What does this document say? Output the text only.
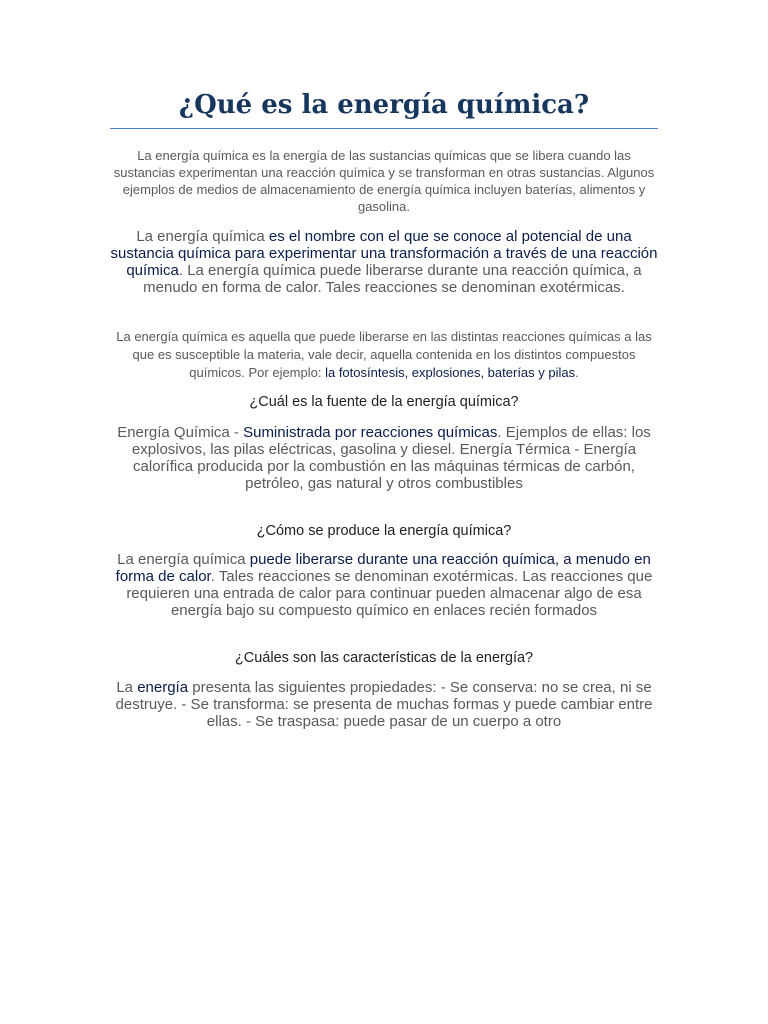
¿Qué es la energía química?

La energía química es la energía de las sustancias químicas que se libera cuando las sustancias experimentan una reacción química y se transforman en otras sustancias. Algunos ejemplos de medios de almacenamiento de energía química incluyen baterías, alimentos y gasolina.

La energía química es el nombre con el que se conoce al potencial de una sustancia química para experimentar una transformación a través de una reacción química. La energía química puede liberarse durante una reacción química, a menudo en forma de calor. Tales reacciones se denominan exotérmicas.

La energía química es aquella que puede liberarse en las distintas reacciones químicas a las que es susceptible la materia, vale decir, aquella contenida en los distintos compuestos químicos. Por ejemplo: la fotosíntesis, explosiones, baterías y pilas.

¿Cuál es la fuente de la energía química?

Energía Química - Suministrada por reacciones químicas. Ejemplos de ellas: los explosivos, las pilas eléctricas, gasolina y diesel. Energía Térmica - Energía calorífica producida por la combustión en las máquinas térmicas de carbón, petróleo, gas natural y otros combustibles

¿Cómo se produce la energía química?

La energía química puede liberarse durante una reacción química, a menudo en forma de calor. Tales reacciones se denominan exotérmicas. Las reacciones que requieren una entrada de calor para continuar pueden almacenar algo de esa energía bajo su compuesto químico en enlaces recién formados

¿Cuáles son las características de la energía?

La energía presenta las siguientes propiedades: - Se conserva: no se crea, ni se destruye. - Se transforma: se presenta de muchas formas y puede cambiar entre ellas. - Se traspasa: puede pasar de un cuerpo a otro
